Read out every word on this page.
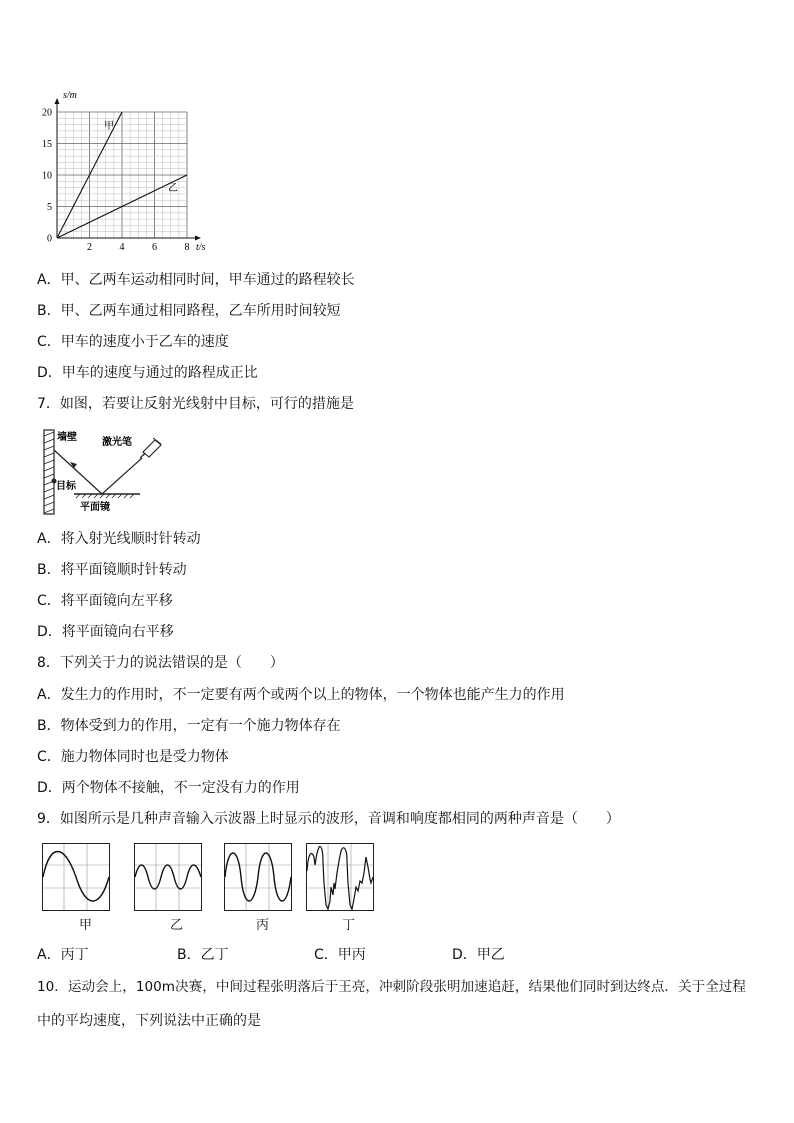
20
15
10
5
0
2	4	6	8
s/m
t/s
甲
乙
A．甲、乙两车运动相同时间，甲车通过的路程较长
B．甲、乙两车通过相同路程，乙车所用时间较短
C．甲车的速度小于乙车的速度
D．甲车的速度与通过的路程成正比
7．如图，若要让反射光线射中目标，可行的措施是
墙壁	激光笔
目标
平面镜
A．将入射光线顺时针转动
B．将平面镜顺时针转动
C．将平面镜向左平移
D．将平面镜向右平移
8．下列关于力的说法错误的是（　　）
A．发生力的作用时，不一定要有两个或两个以上的物体，一个物体也能产生力的作用
B．物体受到力的作用，一定有一个施力物体存在
C．施力物体同时也是受力物体
D．两个物体不接触，不一定没有力的作用
9．如图所示是几种声音输入示波器上时显示的波形，音调和响度都相同的两种声音是（　　）
甲	乙	丙	丁
A．丙丁	B．乙丁	C．甲丙	D．甲乙
10．运动会上，100m决赛，中间过程张明落后于王亮，冲刺阶段张明加速追赶，结果他们同时到达终点．关于全过程
中的平均速度，下列说法中正确的是
